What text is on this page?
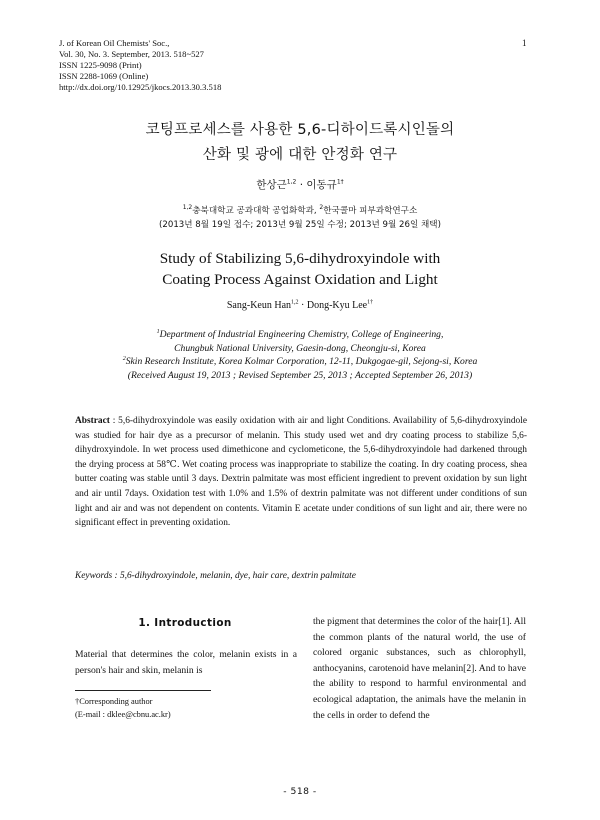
J. of Korean Oil Chemists' Soc.,
Vol. 30, No. 3. September, 2013. 518~527
ISSN 1225-9098 (Print)
ISSN 2288-1069 (Online)
http://dx.doi.org/10.12925/jkocs.2013.30.3.518
1
코팅프로세스를 사용한 5,6-디하이드록시인돌의
산화 및 광에 대한 안정화 연구
한상근$^{1,2}$ · 이동규$^{1\dagger}$
$^{1,2}$충북대학교 공과대학 공업화학과, $^2$한국콜마 피부과학연구소
(2013년 8월 19일 접수; 2013년 9월 25일 수정; 2013년 9월 26일 채택)
Study of Stabilizing 5,6-dihydroxyindole with
Coating Process Against Oxidation and Light
Sang-Keun Han$^{1,2}$ · Dong-Kyu Lee$^{1\dagger}$
$^1$Department of Industrial Engineering Chemistry, College of Engineering,
Chungbuk National University, Gaesin-dong, Cheongju-si, Korea
$^2$Skin Research Institute, Korea Kolmar Corporation, 12-11, Dukgogae-gil, Sejong-si, Korea
(Received August 19, 2013 ; Revised September 25, 2013 ; Accepted September 26, 2013)
Abstract : 5,6-dihydroxyindole was easily oxidation with air and light Conditions. Availability of 5,6-dihydroxyindole was studied for hair dye as a precursor of melanin. This study used wet and dry coating process to stabilize 5,6-dihydroxyindole. In wet process used dimethicone and cyclometicone, the 5,6-dihydroxyindole had darkened through the drying process at 58℃. Wet coating process was inappropriate to stabilize the coating. In dry coating process, shea butter coating was stable until 3 days. Dextrin palmitate was most efficient ingredient to prevent oxidation by sun light and air until 7days. Oxidation test with 1.0% and 1.5% of dextrin palmitate was not different under conditions of sun light and air and was not dependent on contents. Vitamin E acetate under conditions of sun light and air, there were no significant effect in preventing oxidation.
Keywords : 5,6-dihydroxyindole, melanin, dye, hair care, dextrin palmitate
1. Introduction
Material that determines the color, melanin exists in a person's hair and skin, melanin is
the pigment that determines the color of the hair[1]. All the common plants of the natural world, the use of colored organic substances, such as chlorophyll, anthocyanins, carotenoid have melanin[2]. And to have the ability to respond to harmful environmental and ecological adaptation, the animals have the melanin in the cells in order to defend the
†Corresponding author
(E-mail : dklee@cbnu.ac.kr)
- 518 -
